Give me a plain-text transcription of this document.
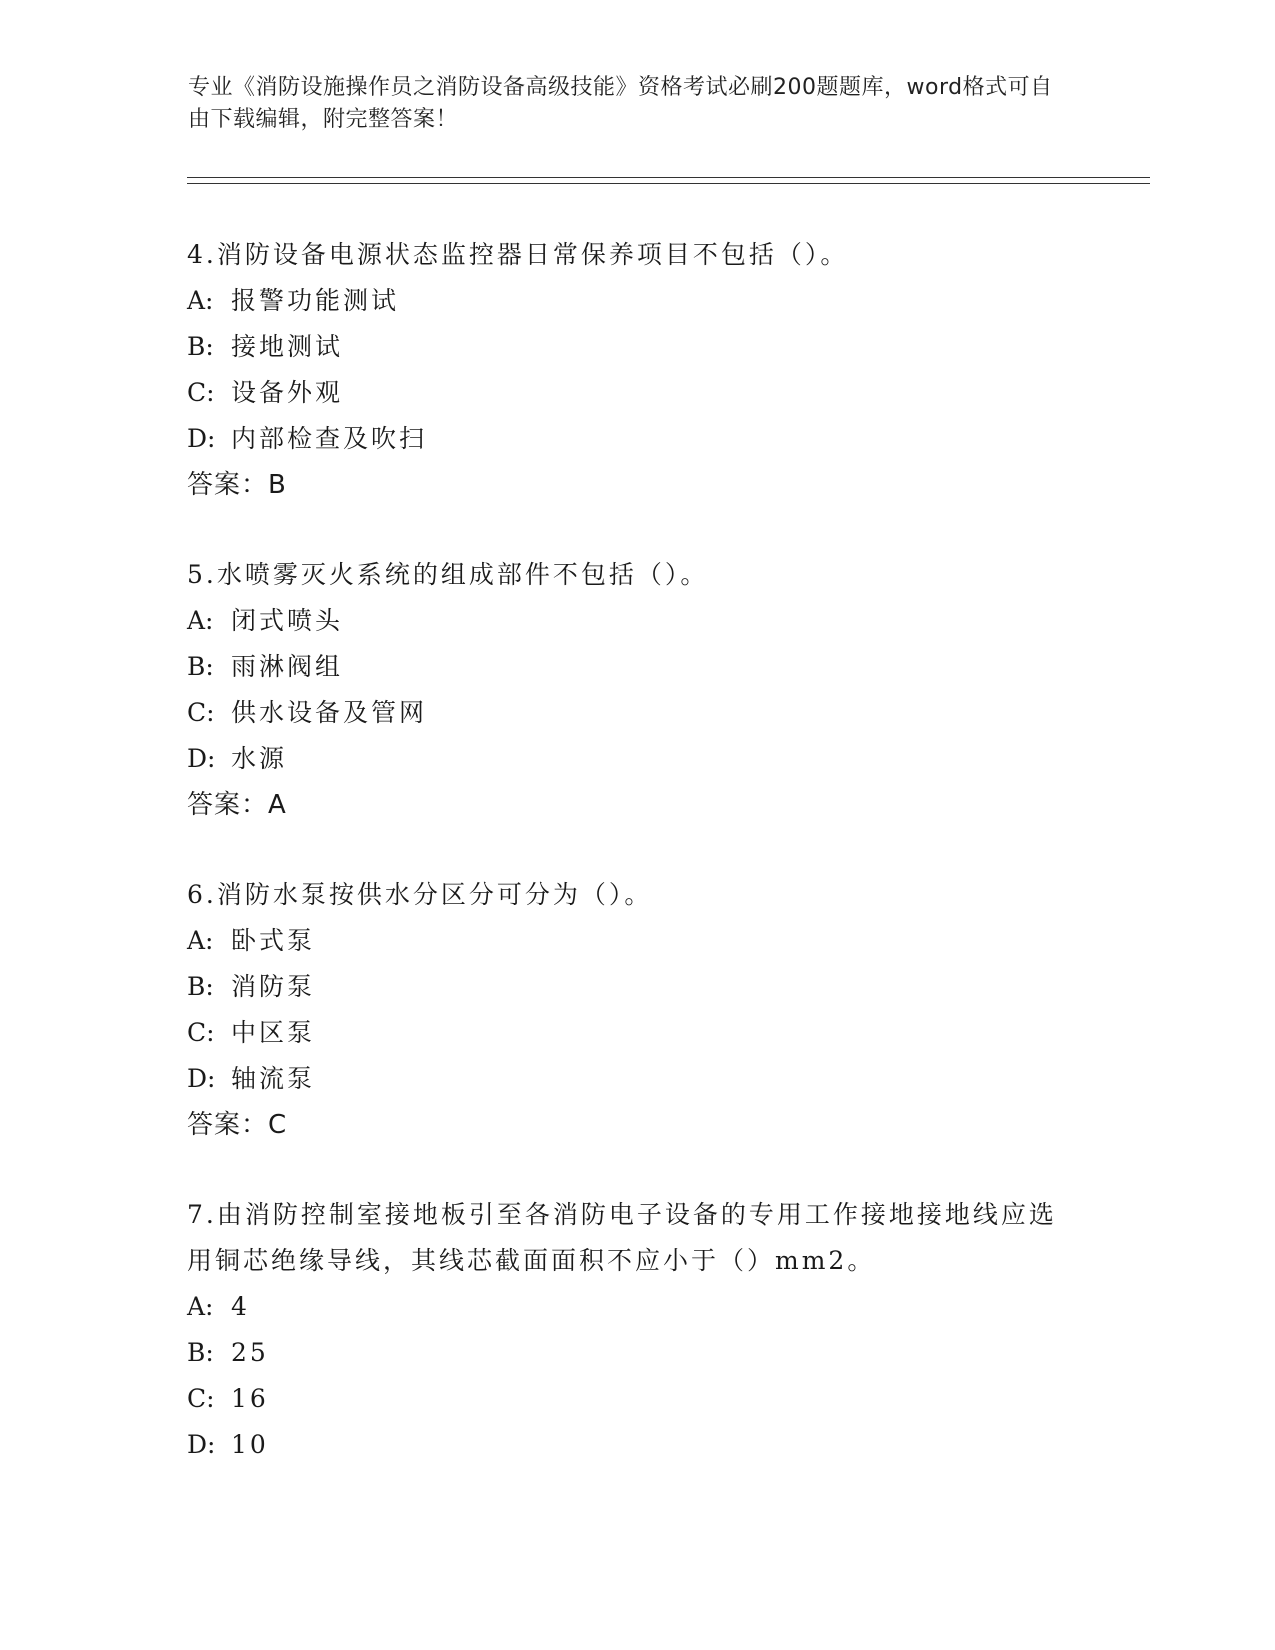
专业《消防设施操作员之消防设备高级技能》资格考试必刷200题题库，word格式可自由下载编辑，附完整答案！

4.消防设备电源状态监控器日常保养项目不包括（）。

A: 报警功能测试

B: 接地测试

C: 设备外观

D: 内部检查及吹扫

答案：B

5.水喷雾灭火系统的组成部件不包括（）。

A: 闭式喷头

B: 雨淋阀组

C: 供水设备及管网

D: 水源

答案：A

6.消防水泵按供水分区分可分为（）。

A: 卧式泵

B: 消防泵

C: 中区泵

D: 轴流泵

答案：C

7.由消防控制室接地板引至各消防电子设备的专用工作接地接地线应选用铜芯绝缘导线，其线芯截面面积不应小于（）mm2。

A: 4

B: 25

C: 16

D: 10
